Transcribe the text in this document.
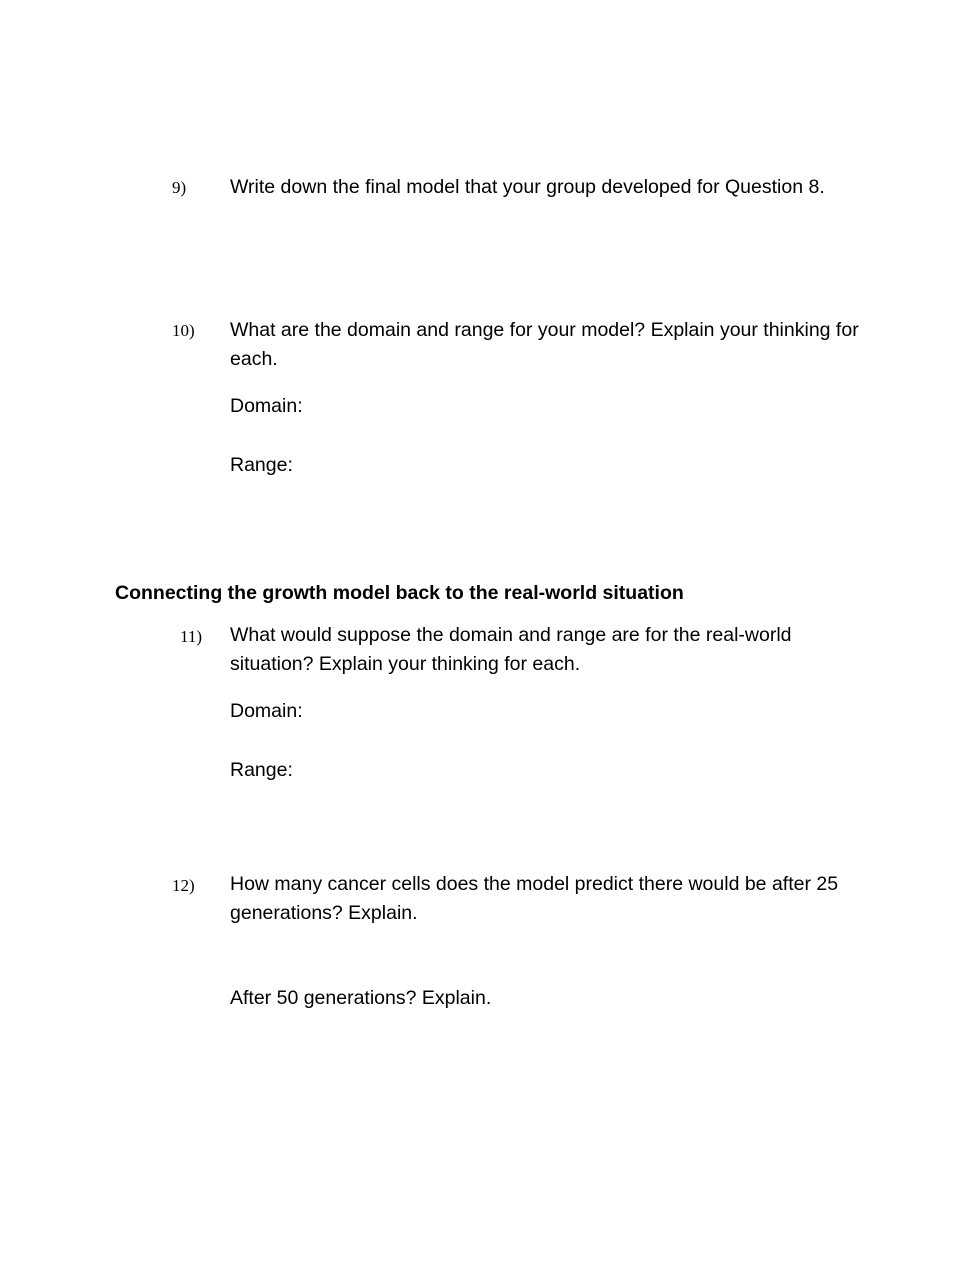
9) Write down the final model that your group developed for Question 8.
10) What are the domain and range for your model? Explain your thinking for each.
Domain:
Range:
Connecting the growth model back to the real-world situation
11) What would suppose the domain and range are for the real-world situation? Explain your thinking for each.
Domain:
Range:
12) How many cancer cells does the model predict there would be after 25 generations? Explain.
After 50 generations? Explain.
